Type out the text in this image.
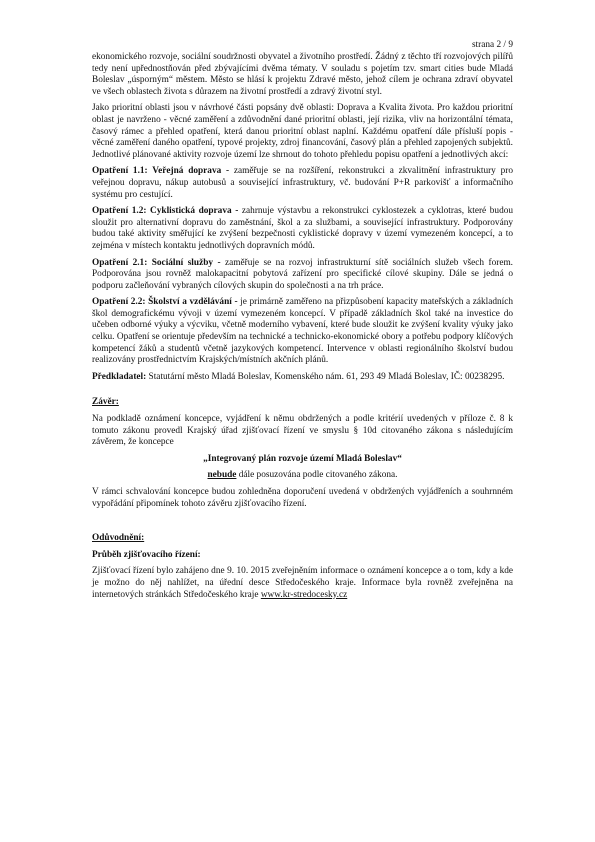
strana 2 / 9

ekonomického rozvoje, sociální soudržnosti obyvatel a životního prostředí. Žádný z těchto tří rozvojových pilířů tedy není upřednostňován před zbývajícími dvěma tématy. V souladu s pojetím tzv. smart cities bude Mladá Boleslav „úsporným“ městem. Město se hlásí k projektu Zdravé město, jehož cílem je ochrana zdraví obyvatel ve všech oblastech života s důrazem na životní prostředí a zdravý životní styl.

Jako prioritní oblasti jsou v návrhové části popsány dvě oblasti: Doprava a Kvalita života. Pro každou prioritní oblast je navrženo - věcné zaměření a zdůvodnění dané prioritní oblasti, její rizika, vliv na horizontální témata, časový rámec a přehled opatření, která danou prioritní oblast naplní. Každému opatření dále přísluší popis - věcné zaměření daného opatření, typové projekty, zdroj financování, časový plán a přehled zapojených subjektů. Jednotlivé plánované aktivity rozvoje území lze shrnout do tohoto přehledu popisu opatření a jednotlivých akcí:

Opatření 1.1: Veřejná doprava - zaměřuje se na rozšíření, rekonstrukci a zkvalitnění infrastruktury pro veřejnou dopravu, nákup autobusů a související infrastruktury, vč. budování P+R parkovišť a informačního systému pro cestující.

Opatření 1.2: Cyklistická doprava - zahrnuje výstavbu a rekonstrukci cyklostezek a cyklotras, které budou sloužit pro alternativní dopravu do zaměstnání, škol a za službami, a související infrastruktury. Podporovány budou také aktivity směřující ke zvýšení bezpečnosti cyklistické dopravy v území vymezeném koncepcí, a to zejména v místech kontaktu jednotlivých dopravních módů.

Opatření 2.1: Sociální služby - zaměřuje se na rozvoj infrastrukturní sítě sociálních služeb všech forem. Podporována jsou rovněž malokapacitní pobytová zařízení pro specifické cílové skupiny. Dále se jedná o podporu začleňování vybraných cílových skupin do společnosti a na trh práce.

Opatření 2.2: Školství a vzdělávání - je primárně zaměřeno na přizpůsobení kapacity mateřských a základních škol demografickému vývoji v území vymezeném koncepcí. V případě základních škol také na investice do učeben odborné výuky a výcviku, včetně moderního vybavení, které bude sloužit ke zvýšení kvality výuky jako celku. Opatření se orientuje především na technické a technicko-ekonomické obory a potřebu podpory klíčových kompetencí žáků a studentů včetně jazykových kompetencí. Intervence v oblasti regionálního školství budou realizovány prostřednictvím Krajských/místních akčních plánů.

Předkladatel: Statutární město Mladá Boleslav, Komenského nám. 61, 293 49 Mladá Boleslav, IČ: 00238295.

Závěr:

Na podkladě oznámení koncepce, vyjádření k němu obdržených a podle kritérií uvedených v příloze č. 8 k tomuto zákonu provedl Krajský úřad zjišťovací řízení ve smyslu § 10d citovaného zákona s následujícím závěrem, že koncepce

„Integrovaný plán rozvoje území Mladá Boleslav“

nebude dále posuzována podle citovaného zákona.

V rámci schvalování koncepce budou zohledněna doporučení uvedená v obdržených vyjádřeních a souhrnném vypořádání připomínek tohoto závěru zjišťovacího řízení.

Odůvodnění:

Průběh zjišťovacího řízení:

Zjišťovací řízení bylo zahájeno dne 9. 10. 2015 zveřejněním informace o oznámení koncepce a o tom, kdy a kde je možno do něj nahlížet, na úřední desce Středočeského kraje. Informace byla rovněž zveřejněna na internetových stránkách Středočeského kraje www.kr-stredocesky.cz
